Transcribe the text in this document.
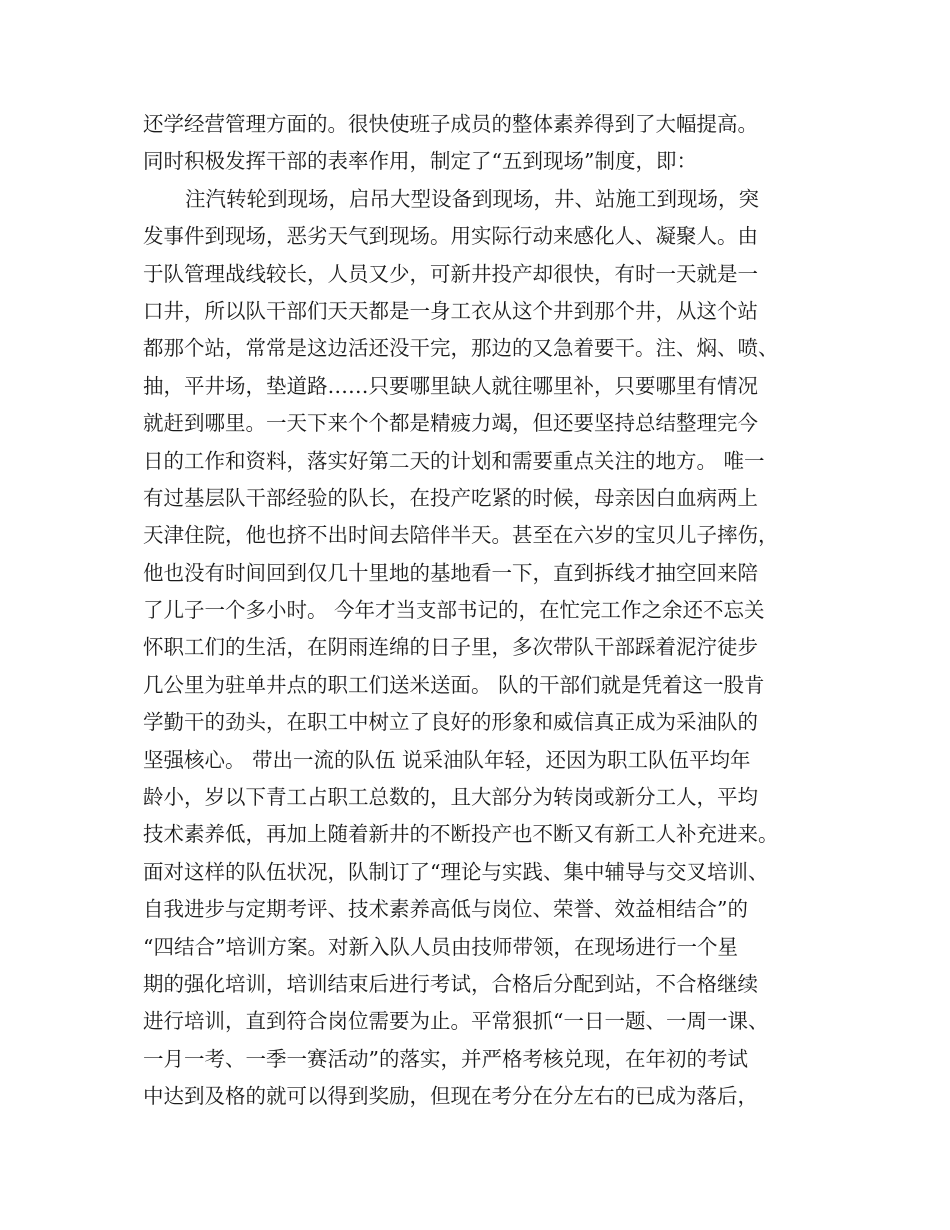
还学经营管理方面的。很快使班子成员的整体素养得到了大幅提高。
同时积极发挥干部的表率作用，制定了“五到现场”制度，即：
注汽转轮到现场，启吊大型设备到现场，井、站施工到现场，突
发事件到现场，恶劣天气到现场。用实际行动来感化人、凝聚人。由
于队管理战线较长，人员又少，可新井投产却很快，有时一天就是一
口井，所以队干部们天天都是一身工衣从这个井到那个井，从这个站
都那个站，常常是这边活还没干完，那边的又急着要干。注、焖、喷、
抽，平井场，垫道路……只要哪里缺人就往哪里补，只要哪里有情况
就赶到哪里。一天下来个个都是精疲力竭，但还要坚持总结整理完今
日的工作和资料，落实好第二天的计划和需要重点关注的地方。 唯一
有过基层队干部经验的队长，在投产吃紧的时候，母亲因白血病两上
天津住院，他也挤不出时间去陪伴半天。甚至在六岁的宝贝儿子摔伤，
他也没有时间回到仅几十里地的基地看一下，直到拆线才抽空回来陪
了儿子一个多小时。 今年才当支部书记的，在忙完工作之余还不忘关
怀职工们的生活，在阴雨连绵的日子里，多次带队干部踩着泥泞徒步
几公里为驻单井点的职工们送米送面。 队的干部们就是凭着这一股肯
学勤干的劲头，在职工中树立了良好的形象和威信真正成为采油队的
坚强核心。 带出一流的队伍 说采油队年轻，还因为职工队伍平均年
龄小，岁以下青工占职工总数的，且大部分为转岗或新分工人，平均
技术素养低，再加上随着新井的不断投产也不断又有新工人补充进来。
面对这样的队伍状况，队制订了“理论与实践、集中辅导与交叉培训、
自我进步与定期考评、技术素养高低与岗位、荣誉、效益相结合”的
“四结合”培训方案。对新入队人员由技师带领，在现场进行一个星
期的强化培训，培训结束后进行考试，合格后分配到站，不合格继续
进行培训，直到符合岗位需要为止。平常狠抓“一日一题、一周一课、
一月一考、一季一赛活动”的落实，并严格考核兑现，在年初的考试
中达到及格的就可以得到奖励，但现在考分在分左右的已成为落后，
